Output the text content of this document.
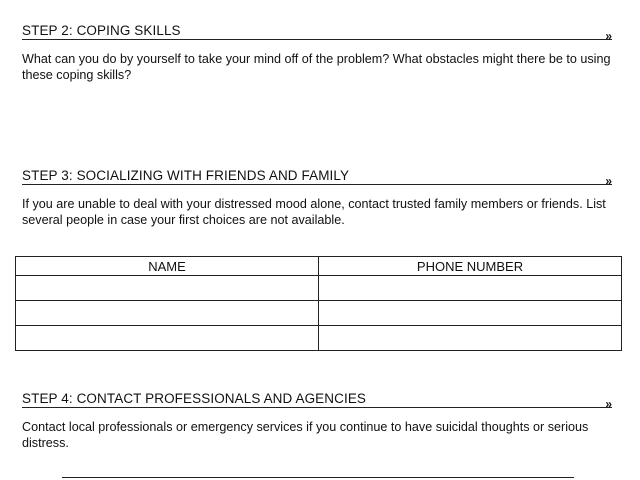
STEP 2: COPING SKILLS	»
What can you do by yourself to take your mind off of the problem? What obstacles might there be to using these coping skills?
STEP 3: SOCIALIZING WITH FRIENDS AND FAMILY	»
If you are unable to deal with your distressed mood alone, contact trusted family members or friends. List several people in case your first choices are not available.
NAME	PHONE NUMBER

STEP 4: CONTACT PROFESSIONALS AND AGENCIES	»
Contact local professionals or emergency services if you continue to have suicidal thoughts or serious distress.
